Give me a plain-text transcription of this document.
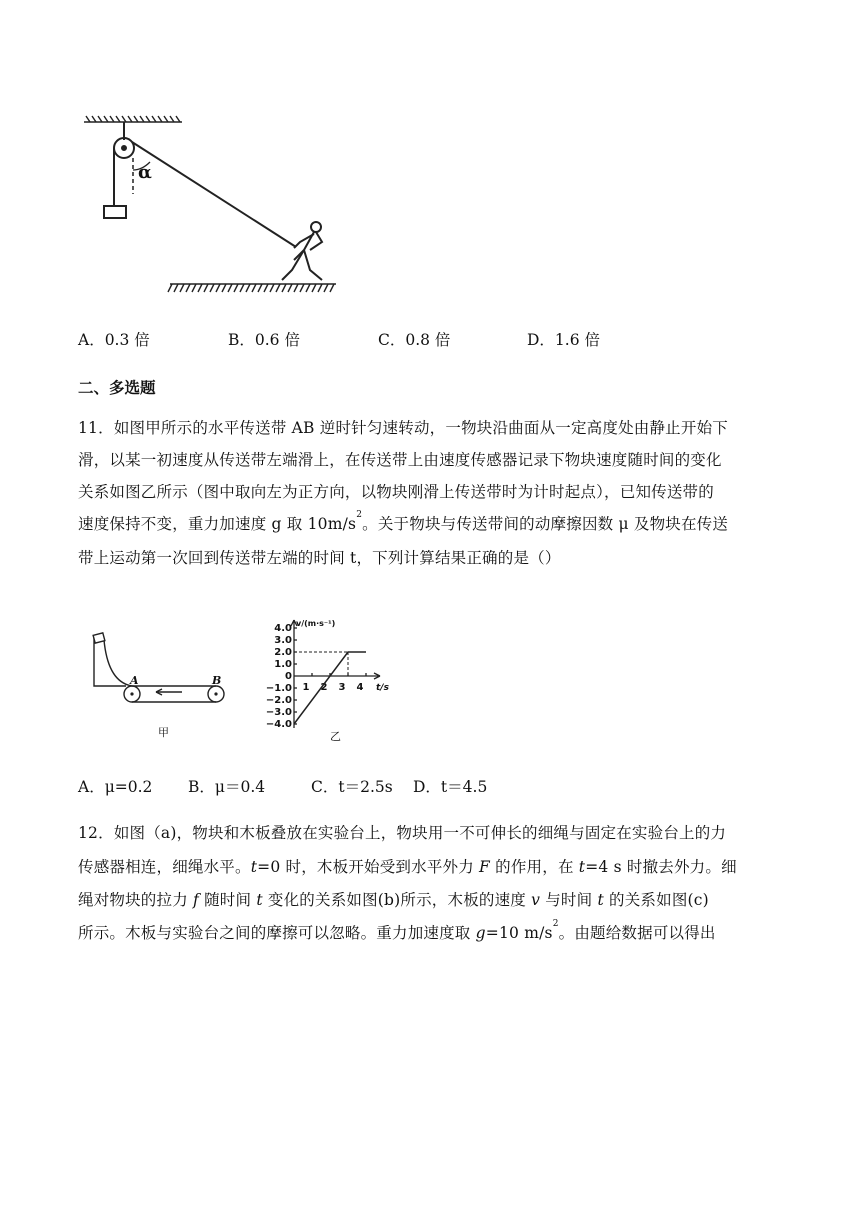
α
A．0.3 倍	B．0.6 倍	C．0.8 倍	D．1.6 倍
二、多选题
11．如图甲所示的水平传送带 AB 逆时针匀速转动，一物块沿曲面从一定高度处由静止开始下
滑，以某一初速度从传送带左端滑上，在传送带上由速度传感器记录下物块速度随时间的变化
关系如图乙所示（图中取向左为正方向，以物块刚滑上传送带时为计时起点），已知传送带的
速度保持不变，重力加速度 g 取 $10m/s^2$。关于物块与传送带间的动摩擦因数 μ 及物块在传送
带上运动第一次回到传送带左端的时间 t，下列计算结果正确的是（）
A	B
甲
v/(m·s⁻¹)
4.0
3.0
2.0
1.0
0
−1.0
−2.0
−3.0
−4.0
1 2 3 4 t/s
乙
A．μ=0.2 B．μ＝0.4	C．t＝2.5s D．t＝4.5
12．如图（a)，物块和木板叠放在实验台上，物块用一不可伸长的细绳与固定在实验台上的力
传感器相连，细绳水平。t=0 时，木板开始受到水平外力 F 的作用，在 t=4 s 时撤去外力。细
绳对物块的拉力 f 随时间 t 变化的关系如图(b)所示，木板的速度 v 与时间 t 的关系如图(c)
所示。木板与实验台之间的摩擦可以忽略。重力加速度取 g=10 $m/s^2$。由题给数据可以得出
